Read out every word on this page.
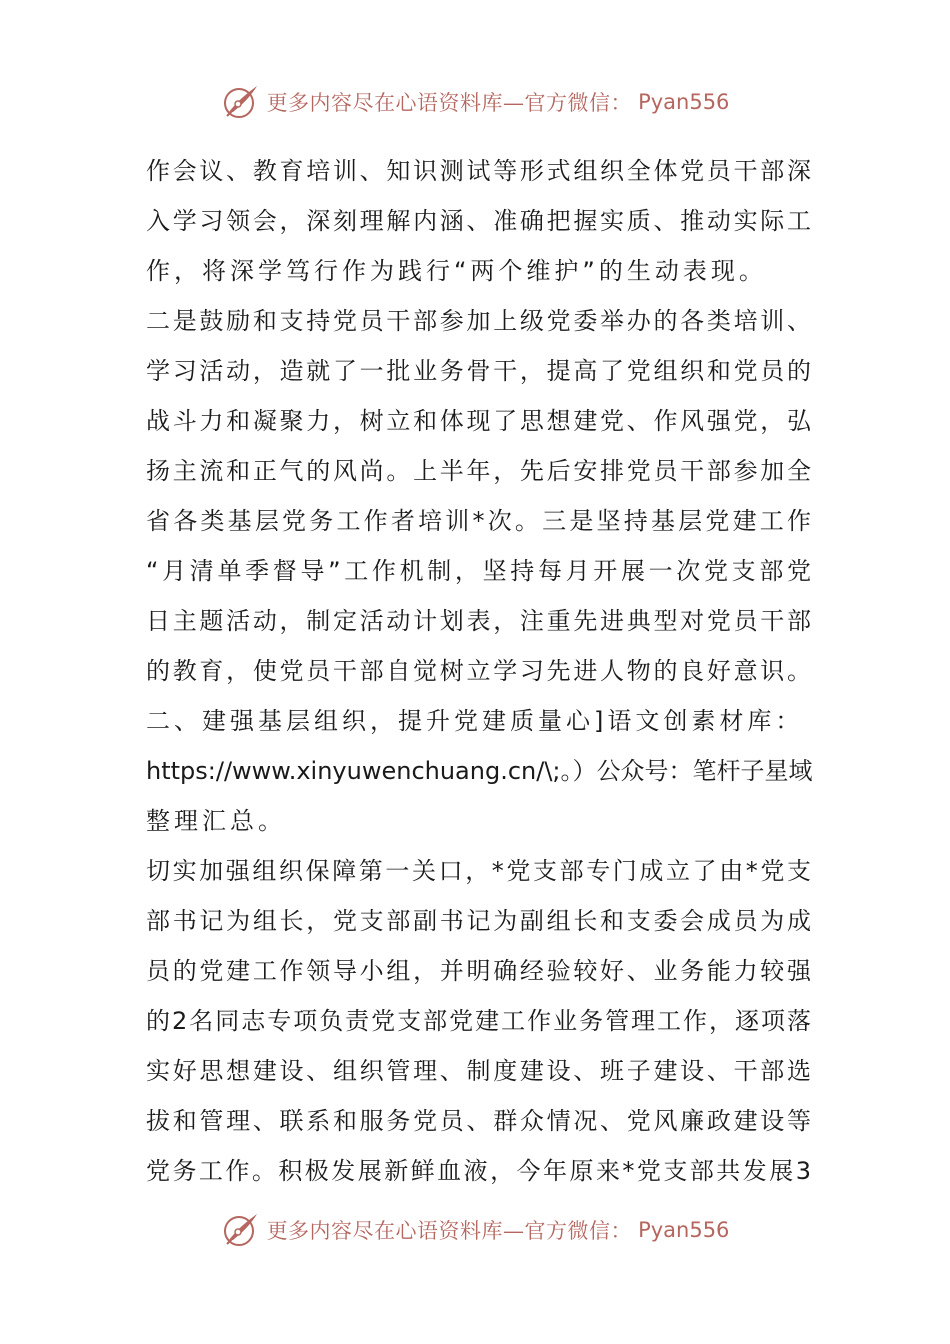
更多内容尽在心语资料库—官方微信： Pyan556
作会议、教育培训、知识测试等形式组织全体党员干部深
入学习领会，深刻理解内涵、准确把握实质、推动实际工
作，将深学笃行作为践行“两个维护”的生动表现。
二是鼓励和支持党员干部参加上级党委举办的各类培训、
学习活动，造就了一批业务骨干，提高了党组织和党员的
战斗力和凝聚力，树立和体现了思想建党、作风强党，弘
扬主流和正气的风尚。上半年，先后安排党员干部参加全
省各类基层党务工作者培训*次。三是坚持基层党建工作
“月清单季督导”工作机制，坚持每月开展一次党支部党
日主题活动，制定活动计划表，注重先进典型对党员干部
的教育，使党员干部自觉树立学习先进人物的良好意识。
二、建强基层组织，提升党建质量心]语文创素材库：
https://www.xinyuwenchuang.cn/\;。）公众号：笔杆子星域
整理汇总。
切实加强组织保障第一关口，*党支部专门成立了由*党支
部书记为组长，党支部副书记为副组长和支委会成员为成
员的党建工作领导小组，并明确经验较好、业务能力较强
的2名同志专项负责党支部党建工作业务管理工作，逐项落
实好思想建设、组织管理、制度建设、班子建设、干部选
拔和管理、联系和服务党员、群众情况、党风廉政建设等
党务工作。积极发展新鲜血液，今年原来*党支部共发展3
更多内容尽在心语资料库—官方微信： Pyan556
